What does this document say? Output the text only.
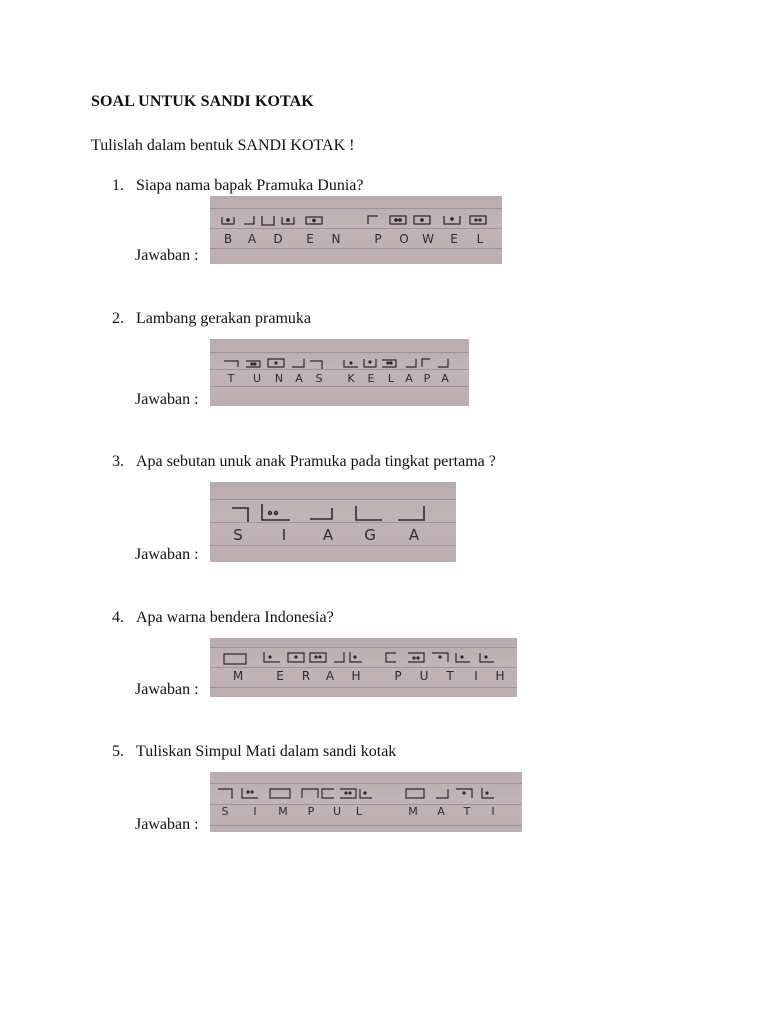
SOAL UNTUK SANDI KOTAK
Tulislah dalam bentuk SANDI KOTAK !
1. Siapa nama bapak Pramuka Dunia?
Jawaban :
B	A	D	E	N	P	O W	E	L
2. Lambang gerakan pramuka
Jawaban :
T	U N A	S	K	E	L	A P A
3. Apa sebutan unuk anak Pramuka pada tingkat pertama ?
Jawaban :
S	I	A G A
4. Apa warna bendera Indonesia?
Jawaban :
M	E	R	A	H	P	U	T	I	H
5. Tuliskan Simpul Mati dalam sandi kotak
Jawaban :
S	I	M	P	U	L	M A	T	I
